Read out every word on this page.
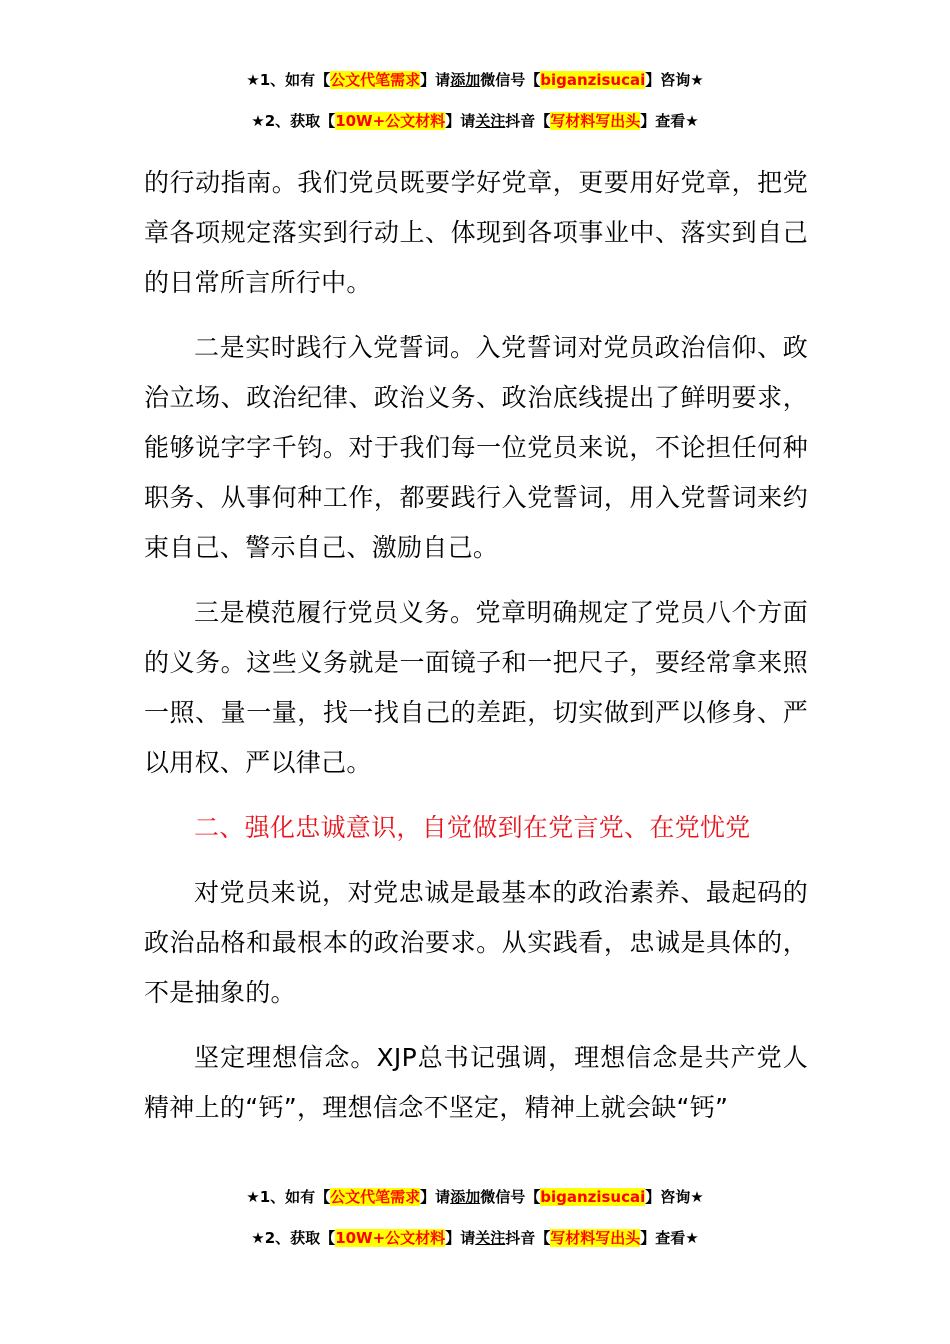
★1、如有【公文代笔需求】请添加微信号【biganzisucai】咨询★
★2、获取【10W+公文材料】请关注抖音【写材料写出头】查看★

的行动指南。我们党员既要学好党章，更要用好党章，把党章各项规定落实到行动上、体现到各项事业中、落实到自己的日常所言所行中。

二是实时践行入党誓词。入党誓词对党员政治信仰、政治立场、政治纪律、政治义务、政治底线提出了鲜明要求，能够说字字千钧。对于我们每一位党员来说，不论担任何种职务、从事何种工作，都要践行入党誓词，用入党誓词来约束自己、警示自己、激励自己。

三是模范履行党员义务。党章明确规定了党员八个方面的义务。这些义务就是一面镜子和一把尺子，要经常拿来照一照、量一量，找一找自己的差距，切实做到严以修身、严以用权、严以律己。

二、强化忠诚意识，自觉做到在党言党、在党忧党

对党员来说，对党忠诚是最基本的政治素养、最起码的政治品格和最根本的政治要求。从实践看，忠诚是具体的，不是抽象的。

坚定理想信念。XJP总书记强调，理想信念是共产党人精神上的“钙”，理想信念不坚定，精神上就会缺“钙”

★1、如有【公文代笔需求】请添加微信号【biganzisucai】咨询★
★2、获取【10W+公文材料】请关注抖音【写材料写出头】查看★
